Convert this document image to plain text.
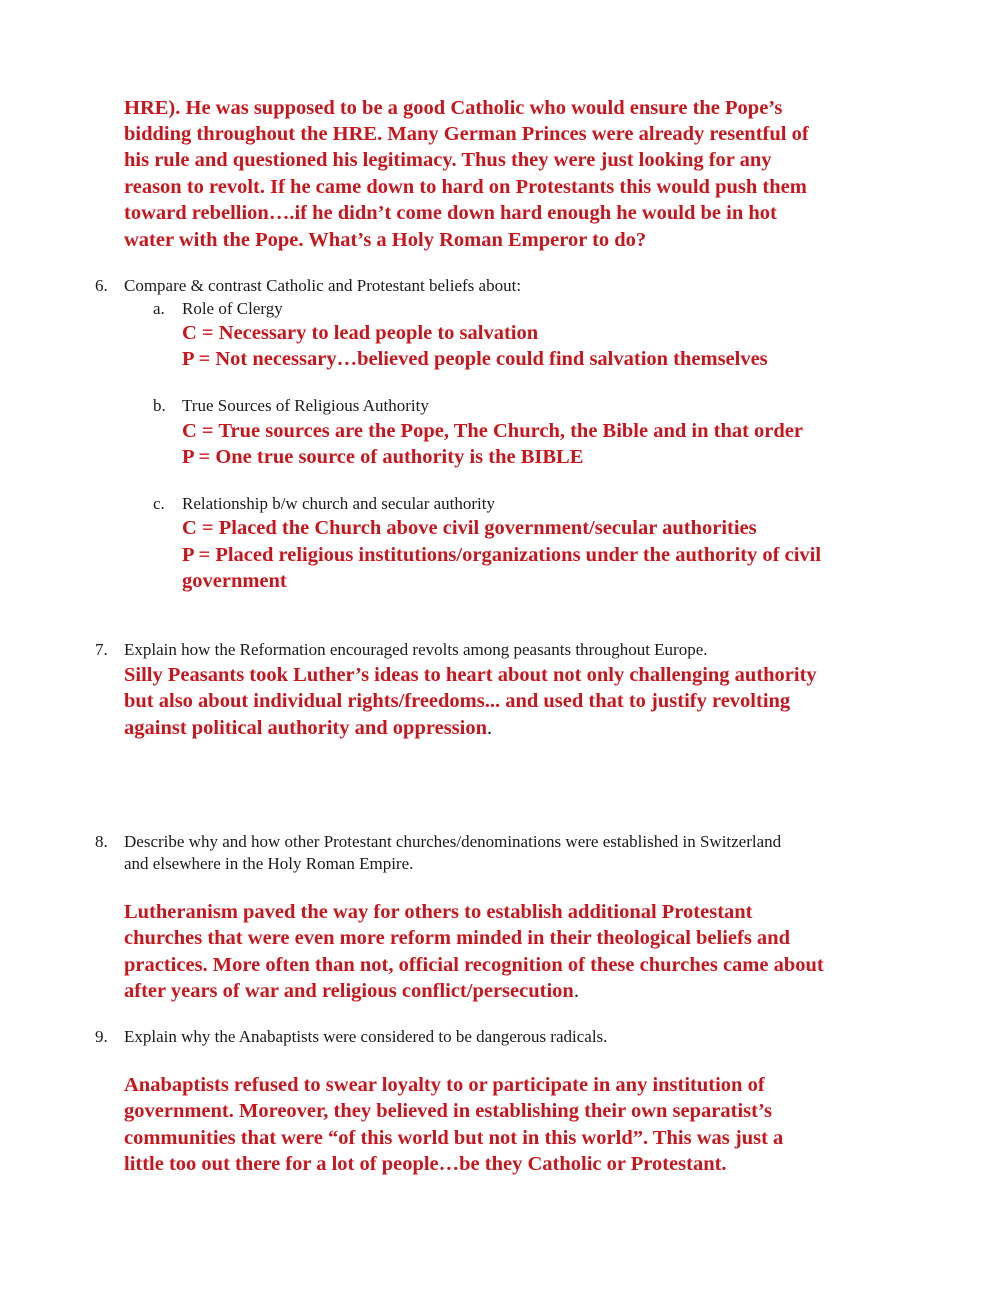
HRE). He was supposed to be a good Catholic who would ensure the Pope’s

bidding throughout the HRE. Many German Princes were already resentful of

his rule and questioned his legitimacy. Thus they were just looking for any

reason to revolt. If he came down to hard on Protestants this would push them

toward rebellion….if he didn’t come down hard enough he would be in hot

water with the Pope. What’s a Holy Roman Emperor to do?

6. Compare & contrast Catholic and Protestant beliefs about:
a. Role of Clergy

C = Necessary to lead people to salvation

P = Not necessary…believed people could find salvation themselves

b. True Sources of Religious Authority

C = True sources are the Pope, The Church, the Bible and in that order

P = One true source of authority is the BIBLE

c. Relationship b/w church and secular authority

C = Placed the Church above civil government/secular authorities

P = Placed religious institutions/organizations under the authority of civil

government

7. Explain how the Reformation encouraged revolts among peasants throughout Europe.

Silly Peasants took Luther’s ideas to heart about not only challenging authority

but also about individual rights/freedoms... and used that to justify revolting

against political authority and oppression.

8. Describe why and how other Protestant churches/denominations were established in Switzerland
and elsewhere in the Holy Roman Empire.

Lutheranism paved the way for others to establish additional Protestant

churches that were even more reform minded in their theological beliefs and

practices. More often than not, official recognition of these churches came about

after years of war and religious conflict/persecution.

9. Explain why the Anabaptists were considered to be dangerous radicals.

Anabaptists refused to swear loyalty to or participate in any institution of

government. Moreover, they believed in establishing their own separatist’s

communities that were “of this world but not in this world”. This was just a

little too out there for a lot of people…be they Catholic or Protestant.
